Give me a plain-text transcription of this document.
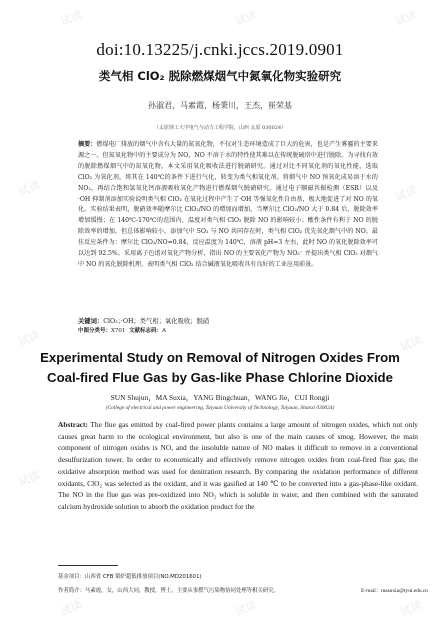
doi:10.13225/j.cnki.jccs.2019.0901
类气相 ClO₂ 脱除燃煤烟气中氮氧化物实验研究
孙淑君，马素霞，杨秉川，王杰，崔荣基
（太原理工大学电气与动力工程学院，山西 太原 030024）

摘要：燃煤电厂排放的烟气中含有大量的氮氧化物，不仅对生态环境造成了巨大的危害，也是产生雾霾的主要来源之一。但氮氧化物中的主要成分为 NO，NO 不溶于水的特性使其难以在传统脱硫塔中进行脱除。为寻找有效的脱除燃煤烟气中的氮氧化物，本文采用氧化吸收法进行脱硝研究。通过对比不同氧化剂的氧化性能，选取 ClO₂ 为氧化剂，将其在 140℃的条件下进行气化，转变为类气相氧化剂。将烟气中 NO 预氧化成易溶于水的 NO₂，再结合饱和氢氧化钙溶液吸收氧化产物进行燃煤烟气脱硝研究。通过电子顺磁共振检测（ESR）以及·OH 抑制剂添加实验说明类气相 ClO₂ 在氧化过程中产生了·OH 等强氧化性自由基，极大地促进了对 NO 的氧化。实验结果表明，脱硝效率随摩尔比 ClO₂/NO 的增加而增加，当摩尔比 ClO₂/NO 大于 0.84 后，脱除效率增加缓慢；在 140℃-170℃的范围内，温度对类气相 ClO₂ 脱除 NO 的影响较小；酸性条件有利于 NO 的脱除效率的增加，但总体影响较小，添加气中 SO₂ 与 NO 共同存在时，类气相 ClO₂ 优先氧化烟气中的 NO。最佳反应条件为：摩尔比 ClO₂/NO=0.84，反应温度为 140℃，溶液 pH=3 左右，此时 NO 的氧化脱除效率可以达到 92.5%。采用离子色谱对氧化产物分析，指出 NO 的主要氧化产物为 NO₃⁻ 并提出类气相 ClO₂ 对烟气中 NO 的氧化脱除机理，表明类气相 ClO₂ 结合碱液氧化吸收具有良好的工业应用前景。

关键词：ClO₂；·OH；类气相；氧化吸收；脱硝
中图分类号：X701 文献标志码：A
Experimental Study on Removal of Nitrogen Oxides From
Coal-fired Flue Gas by Gas-like Phase Chlorine Dioxide
SUN Shujun，MA Suxia，YANG Bingchuan，WANG Jie，CUI Rongji
(College of electrical and power engineering, Taiyuan University of Technology, Taiyuan, Shanxi 030024)

Abstract: The flue gas emitted by coal-fired power plants contains a large amount of nitrogen oxides, which not only causes great harm to the ecological environment, but also is one of the main causes of smog. However, the main component of nitrogen oxides is NO, and the insoluble nature of NO makes it difficult to remove in a conventional desulfurization tower. In order to economically and effectively remove nitrogen oxides from coal-fired flue gas, the oxidative absorption method was used for denitration research. By comparing the oxidation performance of different oxidants, ClO₂ was selected as the oxidant, and it was gasified at 140 ℃ to be converted into a gas-phase-like oxidant. The NO in the flue gas was pre-oxidized into NO₂ which is soluble in water, and then combined with the saturated calcium hydroxide solution to absorb the oxidation product for the

基金项目：山西省 CFB 锅炉超低排放项目(NO.MD201601)
作者简介：马素霞，女，山西大同，教授，博士，主要从事燃气污染物协同处理等相关研究。	E-mail：masuxia@tyut.edu.cn
试读	试读	试读
试读	试读
试读	试读
试读
试读	试读	试读
